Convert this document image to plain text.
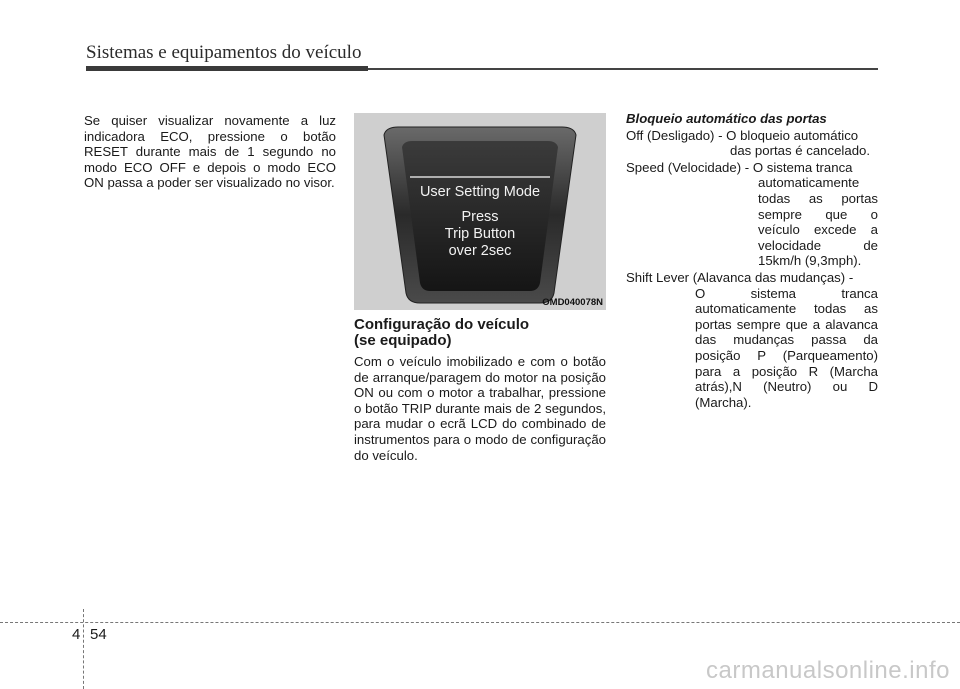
Sistemas e equipamentos do veículo
Se quiser visualizar novamente a luz indicadora ECO, pressione o botão RESET durante mais de 1 segundo no modo ECO OFF e depois o modo ECO ON passa a poder ser visualizado no visor.
User Setting Mode
Press
Trip Button
over 2sec
OMD040078N
Configuração do veículo
(se equipado)
Com o veículo imobilizado e com o botão de arranque/paragem do motor na posição ON ou com o motor a trabalhar, pressione o botão TRIP durante mais de 2 segundos, para mudar o ecrã LCD do combinado de instrumentos para o modo de configuração do veículo.
Bloqueio automático das portas
Off (Desligado) - O bloqueio automático
das portas é cancelado.
Speed (Velocidade) - O sistema tranca
automaticamente todas as portas sempre que o veículo excede a velocidade de 15km/h (9,3mph).
Shift Lever (Alavanca das mudanças) -
O sistema tranca automaticamente todas as portas sempre que a alavanca das mudanças passa da posição P (Parqueamento) para a posição R (Marcha atrás),N (Neutro) ou D (Marcha).
4 54
carmanualsonline.info
